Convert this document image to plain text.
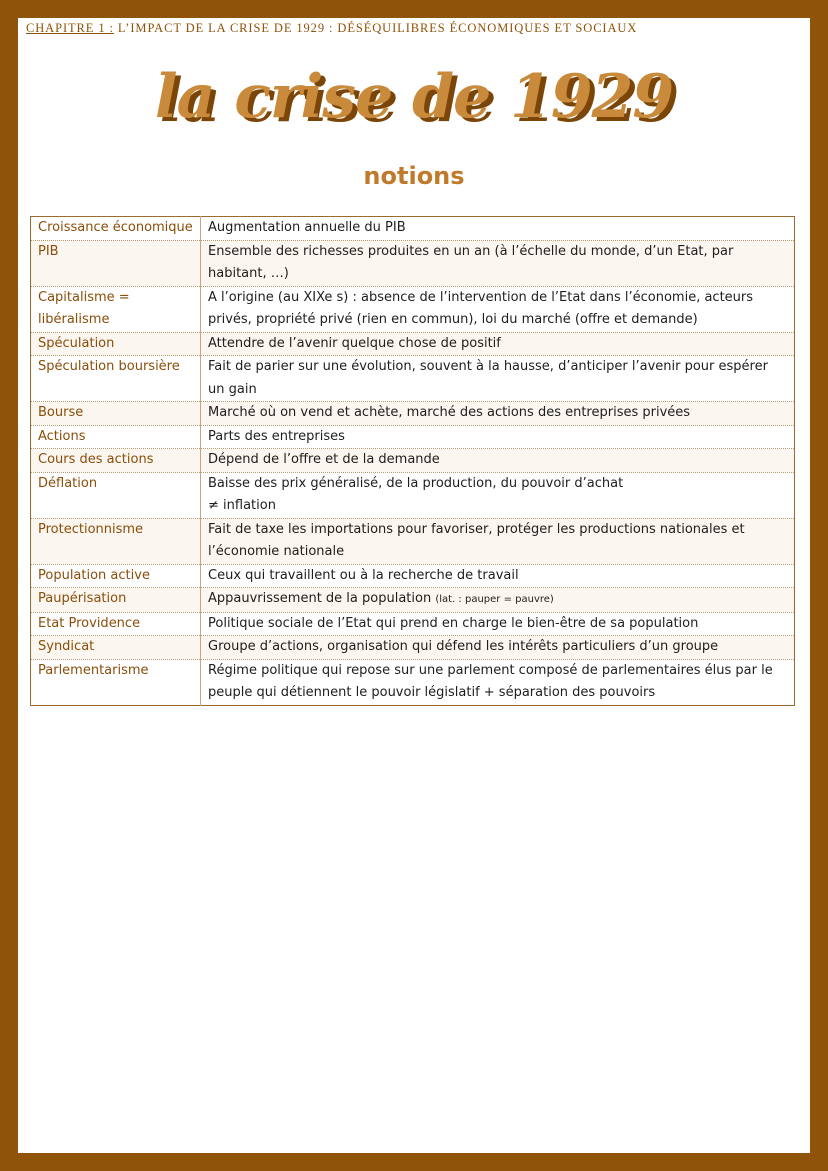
CHAPITRE 1 : L’IMPACT DE LA CRISE DE 1929 : DÉSÉQUILIBRES ÉCONOMIQUES ET SOCIAUX
la crise de 1929
notions
Croissance économique	Augmentation annuelle du PIB
PIB	Ensemble des richesses produites en un an (à l’échelle du monde, d’un Etat, par habitant, …)
Capitalisme = libéralisme	A l’origine (au XIXe s) : absence de l’intervention de l’Etat dans l’économie, acteurs privés, propriété privé (rien en commun), loi du marché (offre et demande)
Spéculation	Attendre de l’avenir quelque chose de positif
Spéculation boursière	Fait de parier sur une évolution, souvent à la hausse, d’anticiper l’avenir pour espérer un gain
Bourse	Marché où on vend et achète, marché des actions des entreprises privées
Actions	Parts des entreprises
Cours des actions	Dépend de l’offre et de la demande
Déflation	Baisse des prix généralisé, de la production, du pouvoir d’achat
≠ inflation

Protectionnisme	Fait de taxe les importations pour favoriser, protéger les productions nationales et l’économie nationale
Population active	Ceux qui travaillent ou à la recherche de travail
Paupérisation	Appauvrissement de la population (lat. : pauper = pauvre)
Etat Providence	Politique sociale de l’Etat qui prend en charge le bien-être de sa population
Syndicat	Groupe d’actions, organisation qui défend les intérêts particuliers d’un groupe
Parlementarisme	Régime politique qui repose sur une parlement composé de parlementaires élus par le peuple qui détiennent le pouvoir législatif + séparation des pouvoirs
